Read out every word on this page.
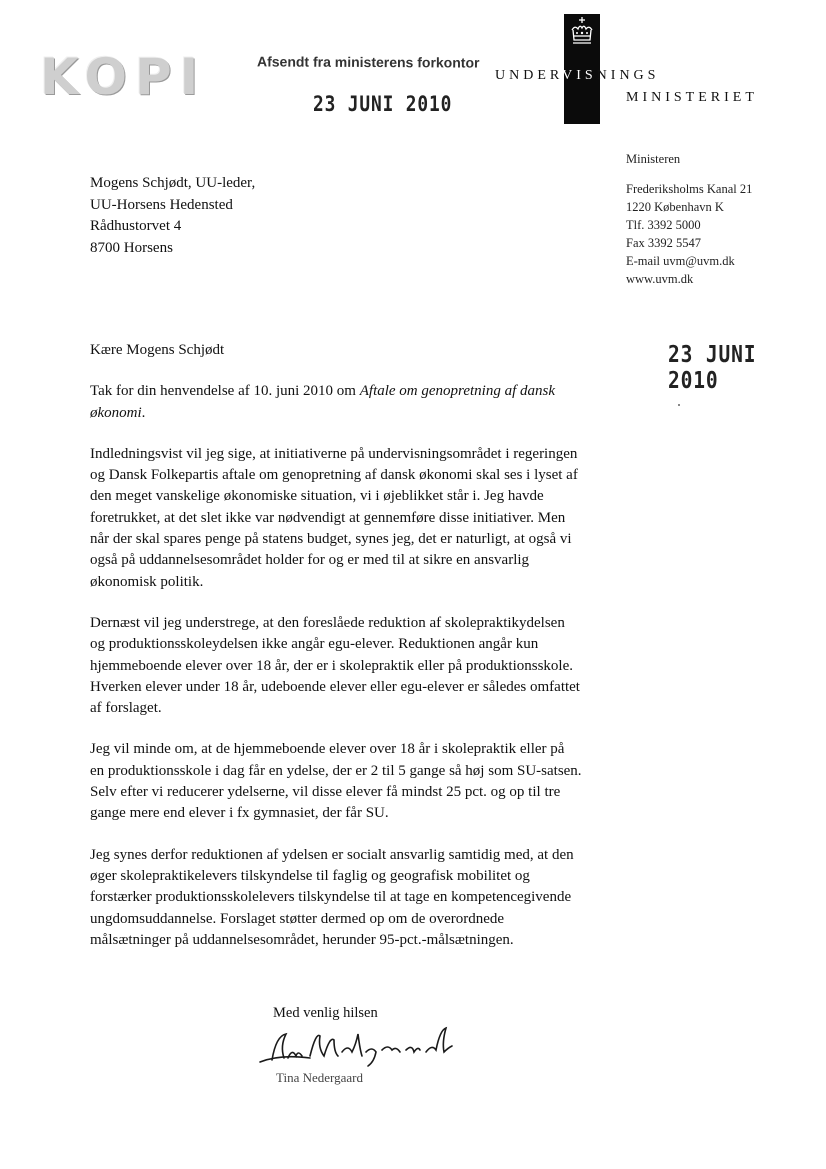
KOPI	Afsendt fra ministerens forkontor
23 JUNI 2010
UNDERVISNINGS
MINISTERIET
Ministeren
Frederiksholms Kanal 21
1220 København K
Tlf. 3392 5000
Fax 3392 5547
E-mail uvm@uvm.dk
www.uvm.dk
23 JUNI 2010
Mogens Schjødt, UU-leder,
UU-Horsens Hedensted
Rådhustorvet 4
8700 Horsens

Kære Mogens Schjødt

Tak for din henvendelse af 10. juni 2010 om Aftale om genopretning af dansk økonomi.

Indledningsvist vil jeg sige, at initiativerne på undervisningsområdet i regeringen og Dansk Folkepartis aftale om genopretning af dansk økonomi skal ses i lyset af den meget vanskelige økonomiske situation, vi i øjeblikket står i. Jeg havde foretrukket, at det slet ikke var nødvendigt at gennemføre disse initiativer. Men når der skal spares penge på statens budget, synes jeg, det er naturligt, at også vi også på uddannelsesområdet holder for og er med til at sikre en ansvarlig økonomisk politik.

Dernæst vil jeg understrege, at den foreslåede reduktion af skolepraktikydelsen og produktionsskoleydelsen ikke angår egu-elever. Reduktionen angår kun hjemmeboende elever over 18 år, der er i skolepraktik eller på produktionsskole. Hverken elever under 18 år, udeboende elever eller egu-elever er således omfattet af forslaget.

Jeg vil minde om, at de hjemmeboende elever over 18 år i skolepraktik eller på en produktionsskole i dag får en ydelse, der er 2 til 5 gange så høj som SU-satsen. Selv efter vi reducerer ydelserne, vil disse elever få mindst 25 pct. og op til tre gange mere end elever i fx gymnasiet, der får SU.

Jeg synes derfor reduktionen af ydelsen er socialt ansvarlig samtidig med, at den øger skolepraktikelevers tilskyndelse til faglig og geografisk mobilitet og forstærker produktionsskolelevers tilskyndelse til at tage en kompetencegivende ungdomsuddannelse. Forslaget støtter dermed op om de overordnede målsætninger på uddannelsesområdet, herunder 95-pct.-målsætningen.

Med venlig hilsen
Tina Nedergaard
